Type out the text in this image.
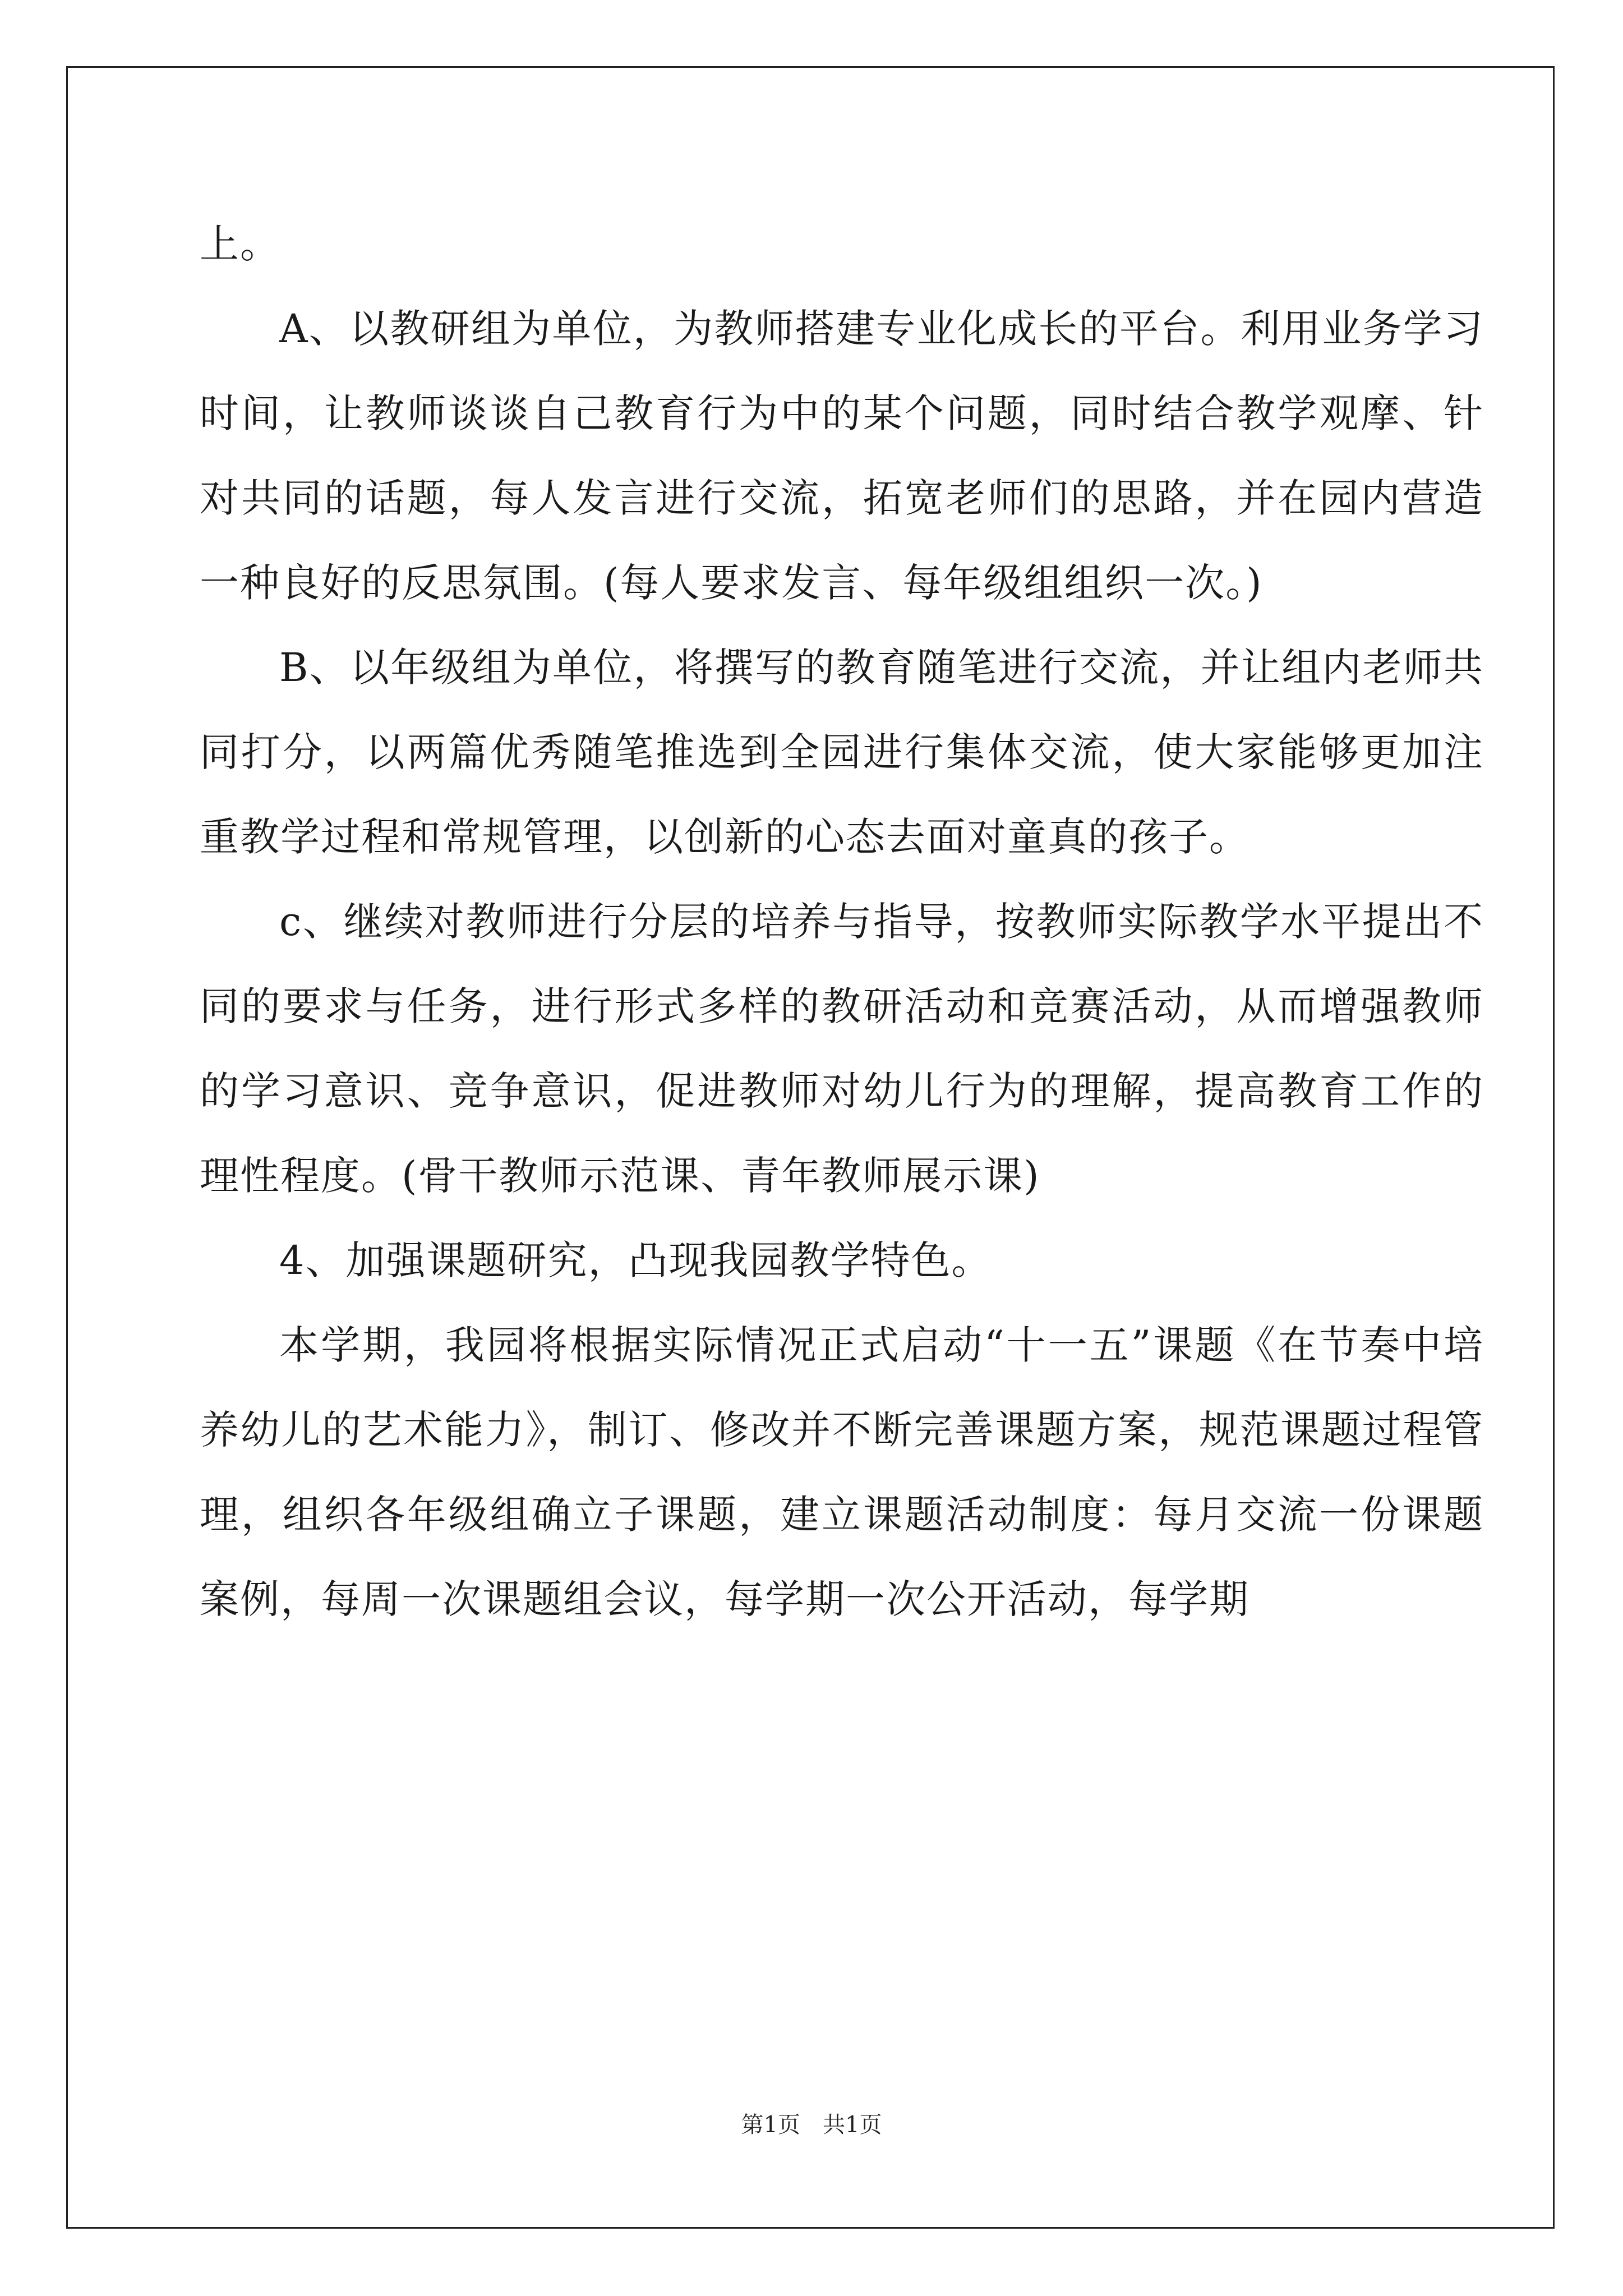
上。

A、以教研组为单位，为教师搭建专业化成长的平台。利用业务学习时间，让教师谈谈自己教育行为中的某个问题，同时结合教学观摩、针对共同的话题，每人发言进行交流，拓宽老师们的思路，并在园内营造一种良好的反思氛围。(每人要求发言、每年级组组织一次。)

B、以年级组为单位，将撰写的教育随笔进行交流，并让组内老师共同打分，以两篇优秀随笔推选到全园进行集体交流，使大家能够更加注重教学过程和常规管理，以创新的心态去面对童真的孩子。

c、继续对教师进行分层的培养与指导，按教师实际教学水平提出不同的要求与任务，进行形式多样的教研活动和竞赛活动，从而增强教师的学习意识、竞争意识，促进教师对幼儿行为的理解，提高教育工作的理性程度。(骨干教师示范课、青年教师展示课)

4、加强课题研究，凸现我园教学特色。

本学期，我园将根据实际情况正式启动“十一五”课题《在节奏中培养幼儿的艺术能力》，制订、修改并不断完善课题方案，规范课题过程管理，组织各年级组确立子课题，建立课题活动制度：每月交流一份课题案例，每周一次课题组会议，每学期一次公开活动，每学期

第1页　共1页
